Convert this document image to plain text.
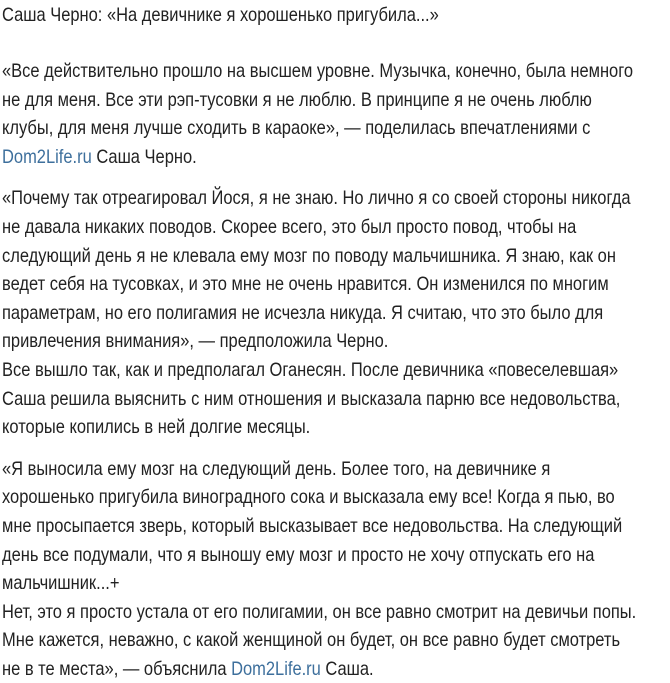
Саша Черно: «На девичнике я хорошенько пригубила...»
«Все действительно прошло на высшем уровне. Музычка, конечно, была немного
не для меня. Все эти рэп-тусовки я не люблю. В принципе я не очень люблю
клубы, для меня лучше сходить в караоке», — поделилась впечатлениями с
Dom2Life.ru Саша Черно.
«Почему так отреагировал Йося, я не знаю. Но лично я со своей стороны никогда
не давала никаких поводов. Скорее всего, это был просто повод, чтобы на
следующий день я не клевала ему мозг по поводу мальчишника. Я знаю, как он
ведет себя на тусовках, и это мне не очень нравится. Он изменился по многим
параметрам, но его полигамия не исчезла никуда. Я считаю, что это было для
привлечения внимания», — предположила Черно.
Все вышло так, как и предполагал Оганесян. После девичника «повеселевшая»
Саша решила выяснить с ним отношения и высказала парню все недовольства,
которые копились в ней долгие месяцы.
«Я выносила ему мозг на следующий день. Более того, на девичнике я
хорошенько пригубила виноградного сока и высказала ему все! Когда я пью, во
мне просыпается зверь, который высказывает все недовольства. На следующий
день все подумали, что я выношу ему мозг и просто не хочу отпускать его на
мальчишник...+
Нет, это я просто устала от его полигамии, он все равно смотрит на девичьи попы.
Мне кажется, неважно, с какой женщиной он будет, он все равно будет смотреть
не в те места», — объяснила Dom2Life.ru Саша.
